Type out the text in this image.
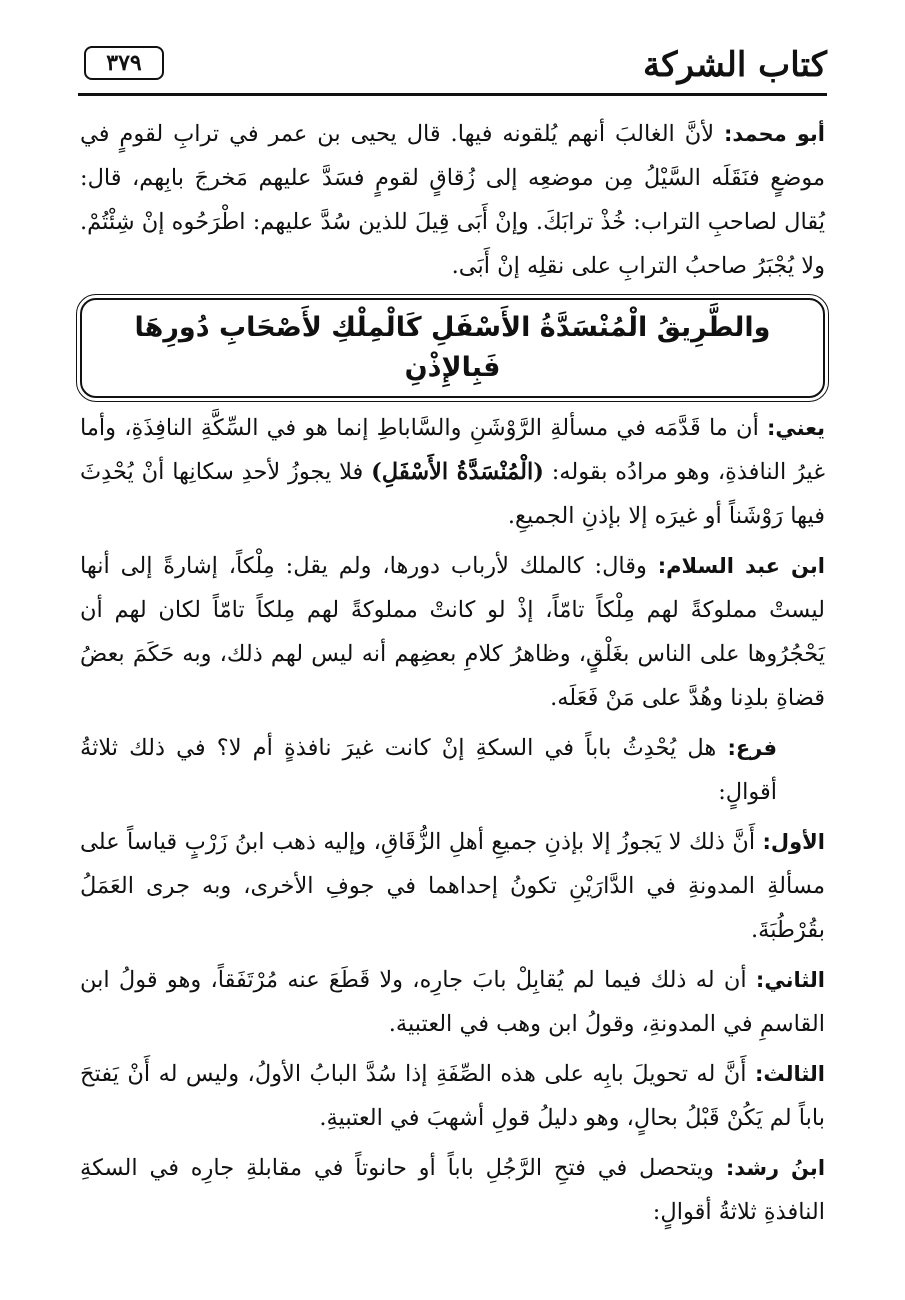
كتاب الشركة
٣٧٩

أبو محمد: لأنَّ الغالبَ أنهم يُلقونه فيها. قال يحيى بن عمر في ترابِ لقومٍ في موضعٍ فنَقَلَه السَّيْلُ مِن موضعِه إلى زُقاقٍ لقومٍ فسَدَّ عليهم مَخرجَ بابِهم، قال: يُقال لصاحبِ التراب: خُذْ ترابَكَ. وإنْ أَبَى قِيلَ للذين سُدَّ عليهم: اطْرَحُوه إنْ شِئْتُمْ. ولا يُجْبَرُ صاحبُ الترابِ على نقلِه إنْ أَبَى.

والطَّرِيقُ الْمُنْسَدَّةُ الأَسْفَلِ كَالْمِلْكِ لأَصْحَابِ دُورِهَا فَبِالإِذْنِ

يعني: أن ما قَدَّمَه في مسألةِ الرَّوْشَنِ والسَّاباطِ إنما هو في السِّكَّةِ النافِذَةِ، وأما غيرُ النافذةِ، وهو مرادُه بقوله: (الْمُنْسَدَّةُ الأَسْفَلِ) فلا يجوزُ لأحدِ سكانِها أنْ يُحْدِثَ فيها رَوْشَناً أو غيرَه إلا بإذنِ الجميعِ.

ابن عبد السلام: وقال: كالملك لأرباب دورها، ولم يقل: مِلْكاً، إشارةً إلى أنها ليستْ مملوكةً لهم مِلْكاً تامّاً، إذْ لو كانتْ مملوكةً لهم مِلكاً تامّاً لكان لهم أن يَحْجُرُوها على الناس بغَلْقٍ، وظاهرُ كلامِ بعضِهم أنه ليس لهم ذلك، وبه حَكَمَ بعضُ قضاةِ بلدِنا وهُدَّ على مَنْ فَعَلَه.

فرع: هل يُحْدِثُ باباً في السكةِ إنْ كانت غيرَ نافذةٍ أم لا؟ في ذلك ثلاثةُ أقوالٍ:

الأول: أَنَّ ذلك لا يَجوزُ إلا بإذنِ جميعِ أهلِ الزُّقَاقِ، وإليه ذهب ابنُ زَرْبٍ قياساً على مسألةِ المدونةِ في الدَّارَيْنِ تكونُ إحداهما في جوفِ الأخرى، وبه جرى العَمَلُ بقُرْطُبَةَ.

الثاني: أن له ذلك فيما لم يُقابِلْ بابَ جارِه، ولا قَطَعَ عنه مُرْتَفَقاً، وهو قولُ ابن القاسمِ في المدونةِ، وقولُ ابن وهب في العتبية.

الثالث: أَنَّ له تحويلَ بابِه على هذه الصِّفَةِ إذا سُدَّ البابُ الأولُ، وليس له أَنْ يَفتحَ باباً لم يَكُنْ قَبْلُ بحالٍ، وهو دليلُ قولِ أشهبَ في العتبيةِ.

ابنُ رشد: ويتحصل في فتحِ الرَّجُلِ باباً أو حانوتاً في مقابلةِ جارِه في السكةِ النافذةِ ثلاثةُ أقوالٍ:
